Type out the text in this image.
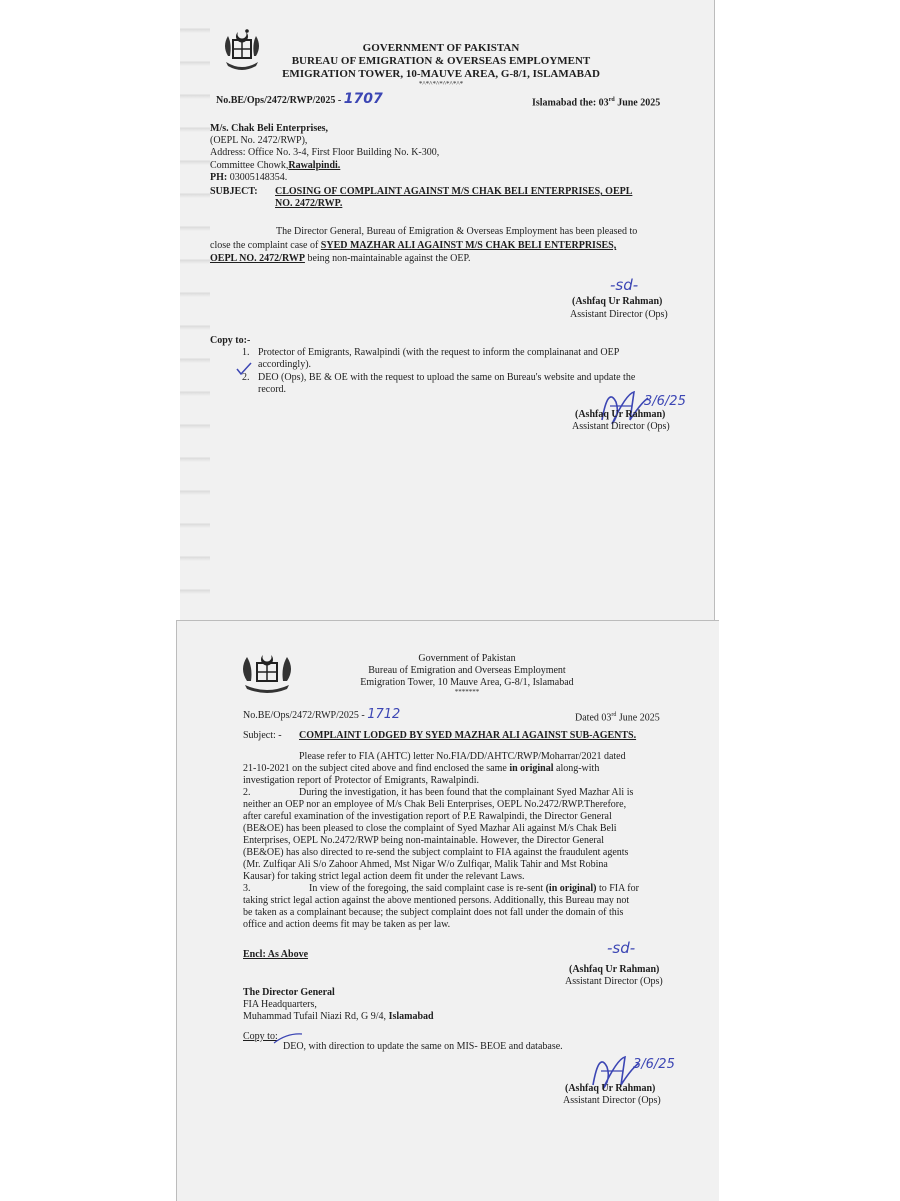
GOVERNMENT OF PAKISTAN
BUREAU OF EMIGRATION & OVERSEAS EMPLOYMENT
EMIGRATION TOWER, 10-MAUVE AREA, G-8/1, ISLAMABAD
*^*^*^*^*^*^*
No.BE/Ops/2472/RWP/2025 - 1707	Islamabad the: 03rd June 2025
M/s. Chak Beli Enterprises,
(OEPL No. 2472/RWP),
Address: Office No. 3-4, First Floor Building No. K-300,
Committee Chowk,Rawalpindi.
PH: 03005148354.
SUBJECT: CLOSING OF COMPLAINT AGAINST M/S CHAK BELI ENTERPRISES, OEPL
NO. 2472/RWP.
The Director General, Bureau of Emigration & Overseas Employment has been pleased to
close the complaint case of SYED MAZHAR ALI AGAINST M/S CHAK BELI ENTERPRISES,
OEPL NO. 2472/RWP being non-maintainable against the OEP.
-sd-
(Ashfaq Ur Rahman)
Assistant Director (Ops)
Copy to:-
1. Protector of Emigrants, Rawalpindi (with the request to inform the complainanat and OEP
accordingly).
2. DEO (Ops), BE & OE with the request to upload the same on Bureau's website and update the
record.
3/6/25
(Ashfaq Ur Rahman)
Assistant Director (Ops)
Government of Pakistan
Bureau of Emigration and Overseas Employment
Emigration Tower, 10 Mauve Area, G-8/1, Islamabad
*******
No.BE/Ops/2472/RWP/2025 - 1712	Dated 03rd June 2025
Subject: - COMPLAINT LODGED BY SYED MAZHAR ALI AGAINST SUB-AGENTS.
Please refer to FIA (AHTC) letter No.FIA/DD/AHTC/RWP/Moharrar/2021 dated
21-10-2021 on the subject cited above and find enclosed the same in original along-with
investigation report of Protector of Emigrants, Rawalpindi.
2.	During the investigation, it has been found that the complainant Syed Mazhar Ali is
neither an OEP nor an employee of M/s Chak Beli Enterprises, OEPL No.2472/RWP.Therefore,
after careful examination of the investigation report of P.E Rawalpindi, the Director General
(BE&OE) has been pleased to close the complaint of Syed Mazhar Ali against M/s Chak Beli
Enterprises, OEPL No.2472/RWP being non-maintainable. However, the Director General
(BE&OE) has also directed to re-send the subject complaint to FIA against the fraudulent agents
(Mr. Zulfiqar Ali S/o Zahoor Ahmed, Mst Nigar W/o Zulfiqar, Malik Tahir and Mst Robina
Kausar) for taking strict legal action deem fit under the relevant Laws.
3.	In view of the foregoing, the said complaint case is re-sent (in original) to FIA for
taking strict legal action against the above mentioned persons. Additionally, this Bureau may not
be taken as a complainant because; the subject complaint does not fall under the domain of this
office and action deems fit may be taken as per law.
Encl: As Above	-sd-
(Ashfaq Ur Rahman)
Assistant Director (Ops)
The Director General
FIA Headquarters,
Muhammad Tufail Niazi Rd, G 9/4, Islamabad
Copy to:
DEO, with direction to update the same on MIS- BEOE and database.
3/6/25
(Ashfaq Ur Rahman)
Assistant Director (Ops)
